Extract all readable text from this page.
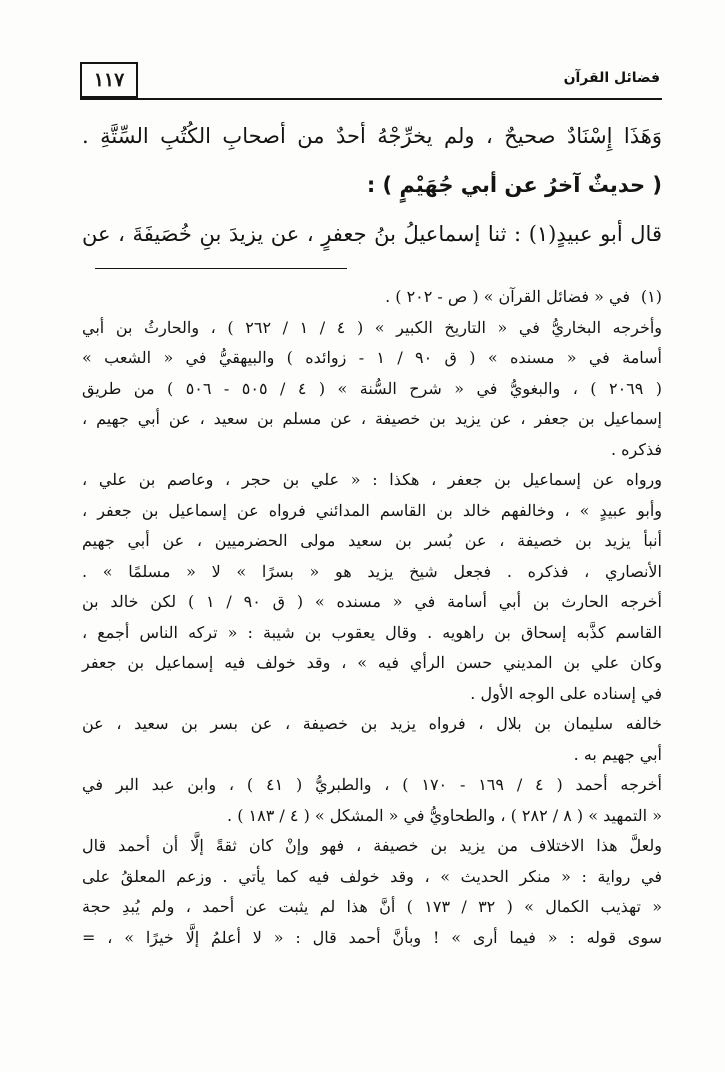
فضائل القرآن
١١٧
وَهَذَا إِسْنَادٌ صحيحٌ ، ولم يخرِّجْهُ أحدٌ من أصحابِ الكُتُبِ السِّتَّةِ .
( حديثٌ آخرُ عن أبي جُهَيْمٍ ) :
قال أبو عبيدٍ(١) : ثنا إسماعيلُ بنُ جعفرٍ ، عن يزيدَ بنِ خُصَيفَةَ ، عن
(١)
في « فضائل القرآن » ( ص - ٢٠٢ ) .
وأخرجه البخاريُّ في « التاريخ الكبير » ( ٤ / ١ / ٢٦٢ ) ، والحارثُ بن أبي
أسامة في « مسنده » ( ق ٩٠ / ١ - زوائده ) والبيهقيُّ في « الشعب »
( ٢٠٦٩ ) ، والبغويُّ في « شرح السُّنة » ( ٤ / ٥٠٥ - ٥٠٦ ) من طريق
إسماعيل بن جعفر ، عن يزيد بن خصيفة ، عن مسلم بن سعيد ، عن أبي جهيم ،
فذكره .
ورواه عن إسماعيل بن جعفر ، هكذا : « علي بن حجر ، وعاصم بن علي ،
وأبو عبيدٍ » ، وخالفهم خالد بن القاسم المدائني فرواه عن إسماعيل بن جعفر ،
أنبأ يزيد بن خصيفة ، عن بُسر بن سعيد مولى الحضرميين ، عن أبي جهيم
الأنصاري ، فذكره . فجعل شيخ يزيد هو « بسرًا » لا « مسلمًا » .
أخرجه الحارث بن أبي أسامة في « مسنده » ( ق ٩٠ / ١ ) لكن خالد بن
القاسم كذَّبه إسحاق بن راهويه . وقال يعقوب بن شيبة : « تركه الناس أجمع ،
وكان علي بن المديني حسن الرأي فيه » ، وقد خولف فيه إسماعيل بن جعفر
في إسناده على الوجه الأول .
خالفه سليمان بن بلال ، فرواه يزيد بن خصيفة ، عن بسر بن سعيد ، عن
أبي جهيم به .
أخرجه أحمد ( ٤ / ١٦٩ - ١٧٠ ) ، والطبريُّ ( ٤١ ) ، وابن عبد البر في
« التمهيد » ( ٨ / ٢٨٢ ) ، والطحاويُّ في « المشكل » ( ٤ / ١٨٣ ) .
ولعلَّ هذا الاختلاف من يزيد بن خصيفة ، فهو وإنْ كان ثقةً إلَّا أن أحمد قال
في رواية : « منكر الحديث » ، وقد خولف فيه كما يأتي . وزعم المعلقُ على
« تهذيب الكمال » ( ٣٢ / ١٧٣ ) أنَّ هذا لم يثبت عن أحمد ، ولم يُبدِ حجة
سوى قوله : « فيما أرى » ! وبأنَّ أحمد قال : « لا أعلمُ إلَّا خيرًا » ، =
